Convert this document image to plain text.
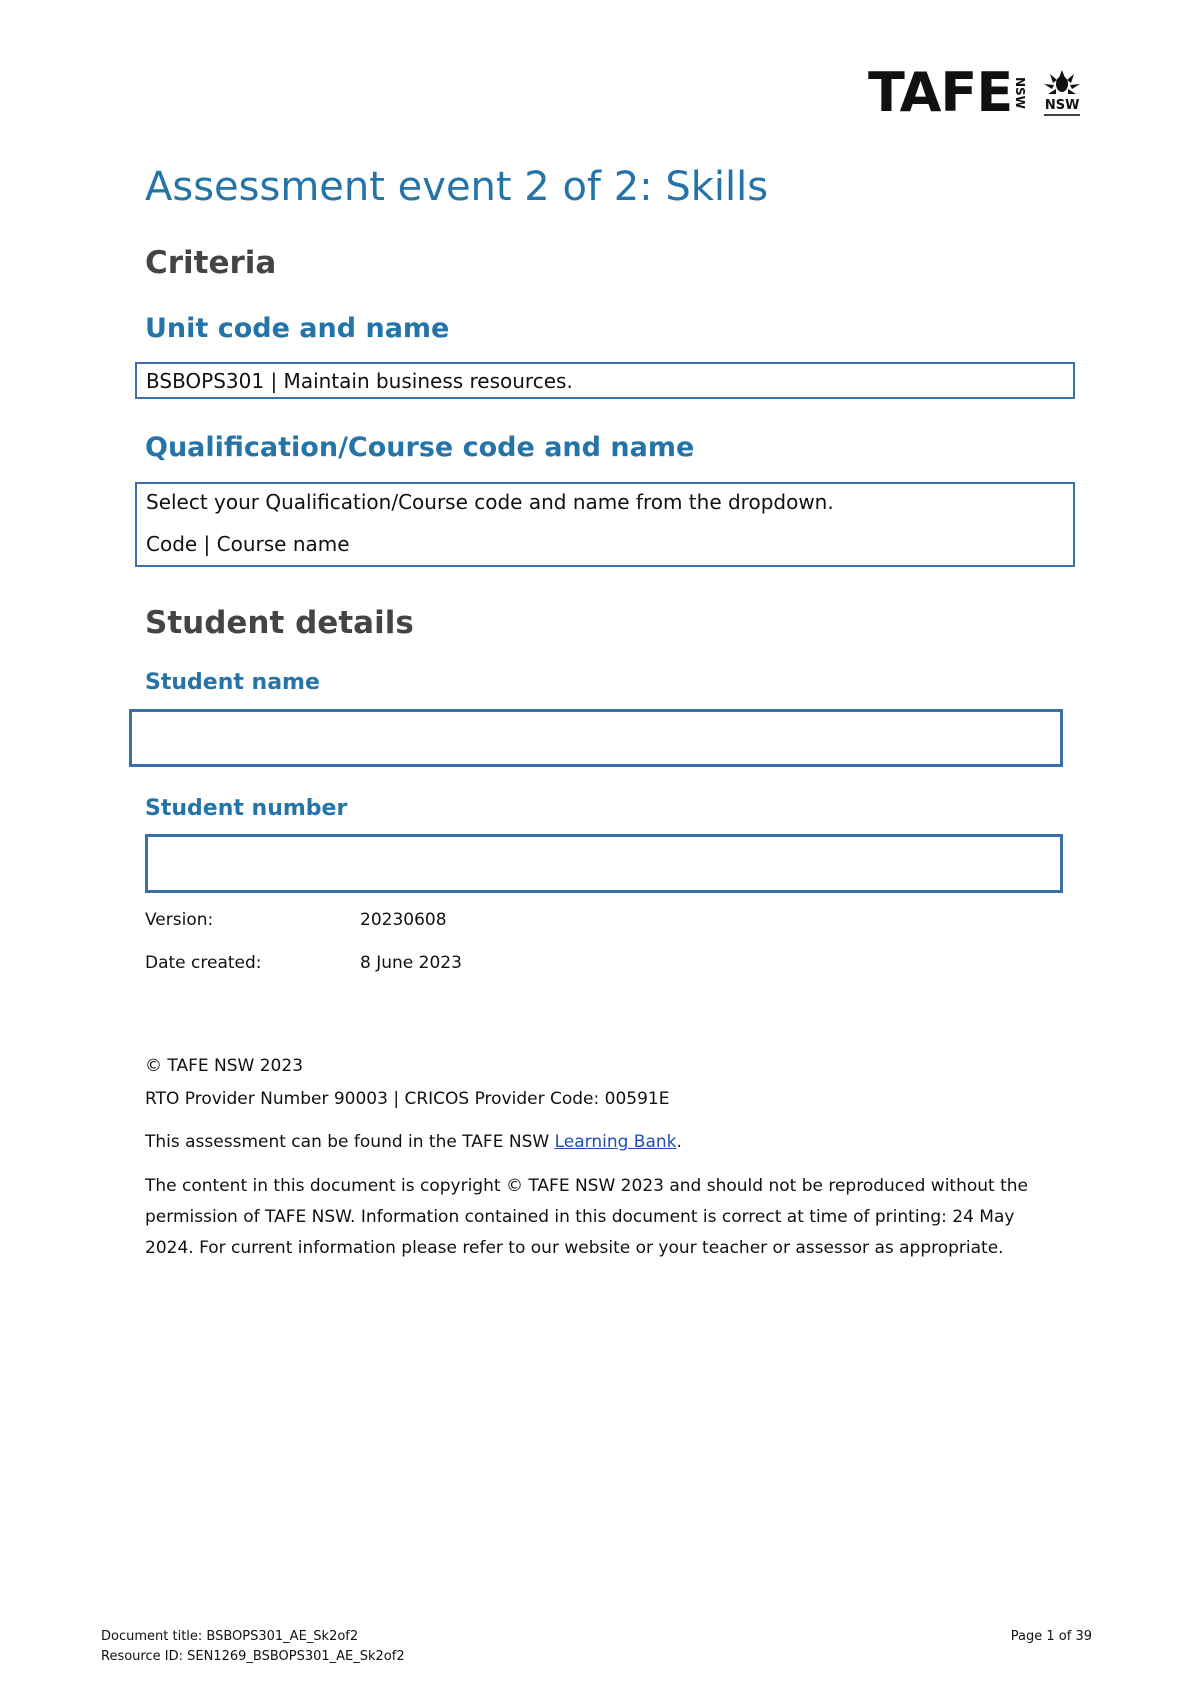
TAFE NSW NSW
Assessment event 2 of 2: Skills
Criteria
Unit code and name

BSBOPS301 | Maintain business resources.

Qualification/Course code and name

Select your Qualification/Course code and name from the dropdown.

Code | Course name

Student details
Student name
Student number
Version:	20230608
Date created:	8 June 2023
© TAFE NSW 2023
RTO Provider Number 90003 | CRICOS Provider Code: 00591E
This assessment can be found in the TAFE NSW Learning Bank.
The content in this document is copyright © TAFE NSW 2023 and should not be reproduced without the permission of TAFE NSW. Information contained in this document is correct at time of printing: 24 May 2024. For current information please refer to our website or your teacher or assessor as appropriate.
Document title: BSBOPS301_AE_Sk2of2
Resource ID: SEN1269_BSBOPS301_AE_Sk2of2
Page 1 of 39
